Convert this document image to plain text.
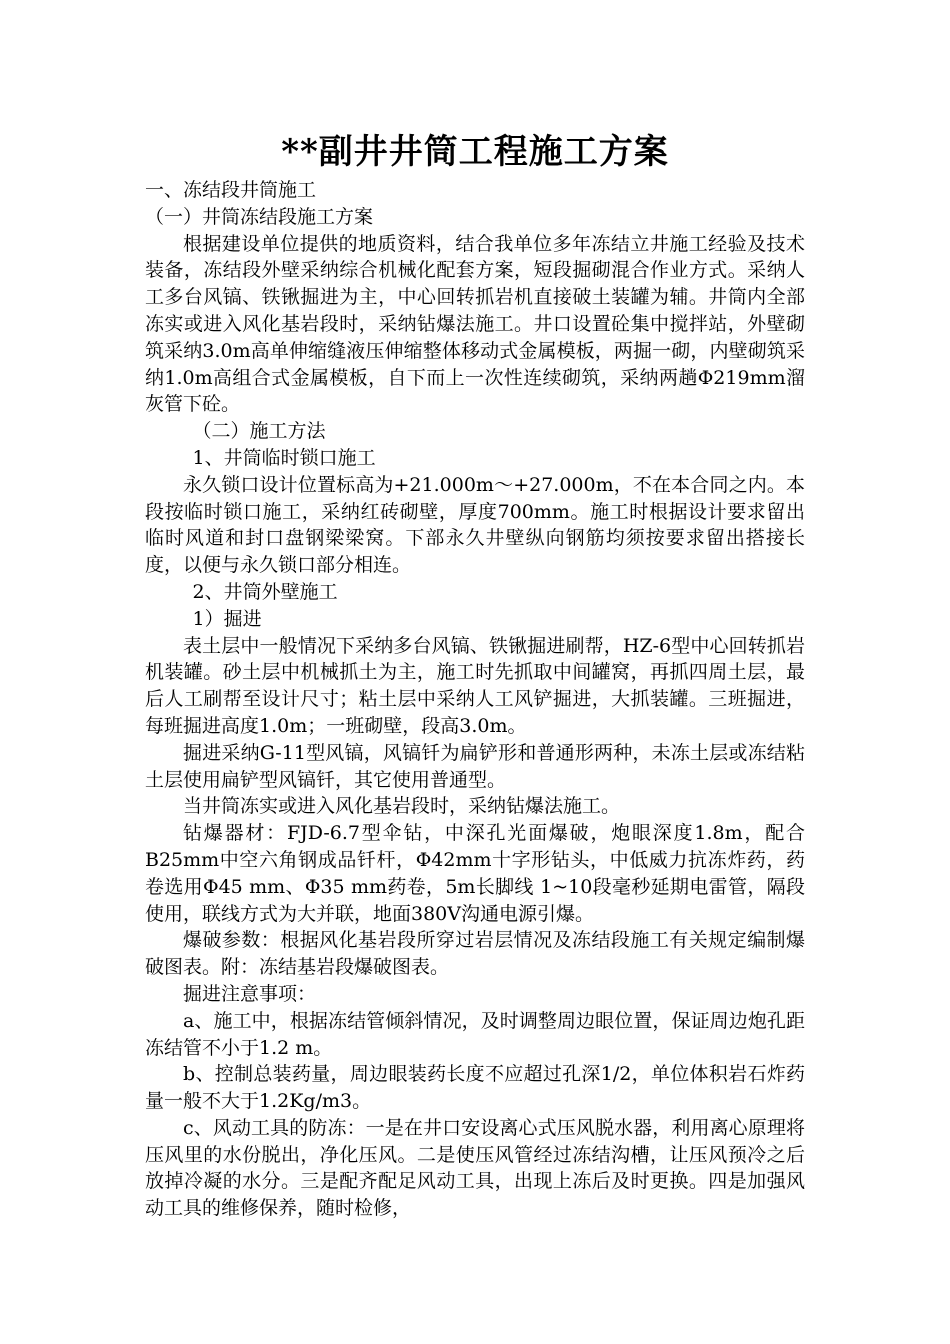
**副井井筒工程施工方案

一、冻结段井筒施工

（一）井筒冻结段施工方案

根据建设单位提供的地质资料，结合我单位多年冻结立井施工经验及技术装备，冻结段外壁采纳综合机械化配套方案，短段掘砌混合作业方式。采纳人工多台风镐、铁锹掘进为主，中心回转抓岩机直接破土装罐为辅。井筒内全部冻实或进入风化基岩段时，采纳钻爆法施工。井口设置砼集中搅拌站，外壁砌筑采纳3.0m高单伸缩缝液压伸缩整体移动式金属模板，两掘一砌，内壁砌筑采纳1.0m高组合式金属模板，自下而上一次性连续砌筑，采纳两趟Φ219mm溜灰管下砼。

（二）施工方法

1、井筒临时锁口施工

永久锁口设计位置标高为+21.000m～+27.000m，不在本合同之内。本段按临时锁口施工，采纳红砖砌壁，厚度700mm。施工时根据设计要求留出临时风道和封口盘钢梁梁窝。下部永久井壁纵向钢筋均须按要求留出搭接长度，以便与永久锁口部分相连。

2、井筒外壁施工

1）掘进

表土层中一般情况下采纳多台风镐、铁锹掘进刷帮，HZ-6型中心回转抓岩机装罐。砂土层中机械抓土为主，施工时先抓取中间罐窝，再抓四周土层，最后人工刷帮至设计尺寸；粘土层中采纳人工风铲掘进，大抓装罐。三班掘进，每班掘进高度1.0m；一班砌壁，段高3.0m。

掘进采纳G-11型风镐，风镐钎为扁铲形和普通形两种，未冻土层或冻结粘土层使用扁铲型风镐钎，其它使用普通型。

当井筒冻实或进入风化基岩段时，采纳钻爆法施工。

钻爆器材：FJD-6.7型伞钻，中深孔光面爆破，炮眼深度1.8m，配合B25mm中空六角钢成品钎杆，Φ42mm十字形钻头，中低威力抗冻炸药，药卷选用Φ45 mm、Φ35 mm药卷，5m长脚线 1~10段毫秒延期电雷管，隔段使用，联线方式为大并联，地面380V沟通电源引爆。

爆破参数：根据风化基岩段所穿过岩层情况及冻结段施工有关规定编制爆破图表。附：冻结基岩段爆破图表。

掘进注意事项：

a、施工中，根据冻结管倾斜情况，及时调整周边眼位置，保证周边炮孔距冻结管不小于1.2 m。

b、控制总装药量，周边眼装药长度不应超过孔深1/2，单位体积岩石炸药量一般不大于1.2Kg/m3。

c、风动工具的防冻：一是在井口安设离心式压风脱水器，利用离心原理将压风里的水份脱出，净化压风。二是使压风管经过冻结沟槽，让压风预冷之后放掉冷凝的水分。三是配齐配足风动工具，出现上冻后及时更换。四是加强风动工具的维修保养，随时检修，
